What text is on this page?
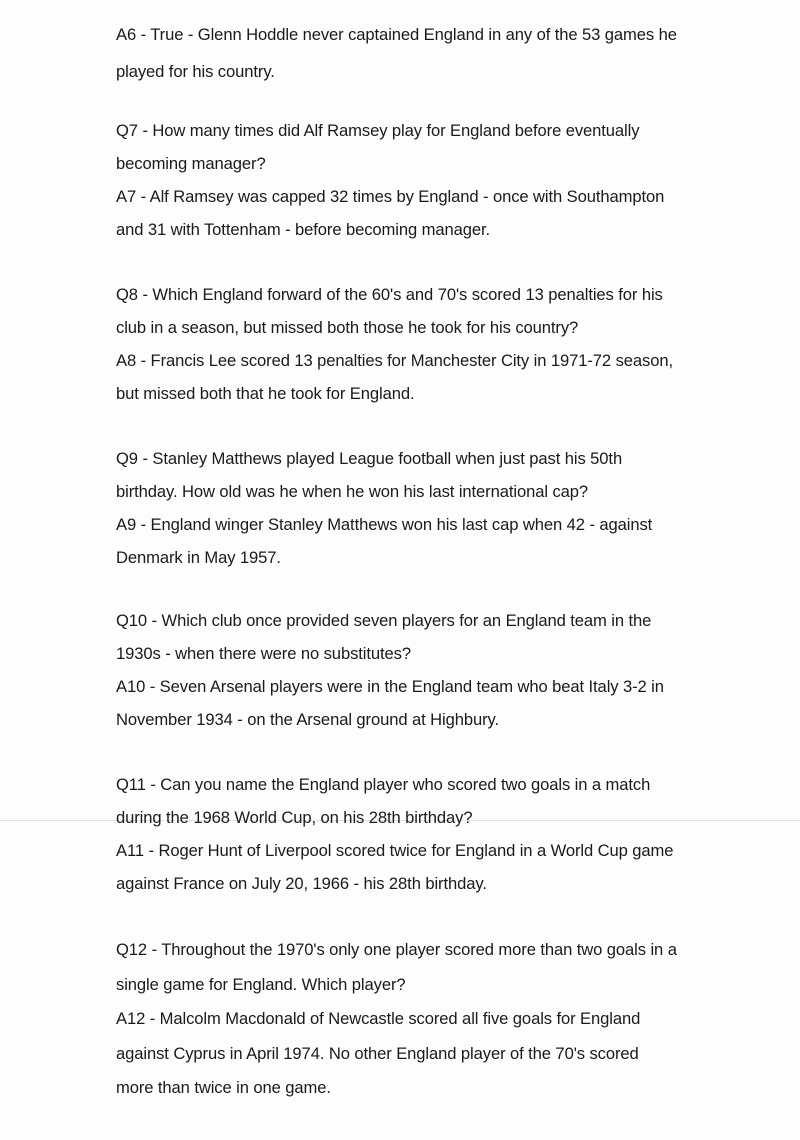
A6 - True - Glenn Hoddle never captained England in any of the 53 games he
played for his country.
Q7 - How many times did Alf Ramsey play for England before eventually
becoming manager?
A7 - Alf Ramsey was capped 32 times by England - once with Southampton
and 31 with Tottenham - before becoming manager.
Q8 - Which England forward of the 60's and 70's scored 13 penalties for his
club in a season, but missed both those he took for his country?
A8 - Francis Lee scored 13 penalties for Manchester City in 1971-72 season,
but missed both that he took for England.
Q9 - Stanley Matthews played League football when just past his 50th
birthday. How old was he when he won his last international cap?
A9 - England winger Stanley Matthews won his last cap when 42 - against
Denmark in May 1957.
Q10 - Which club once provided seven players for an England team in the
1930s - when there were no substitutes?
A10 - Seven Arsenal players were in the England team who beat Italy 3-2 in
November 1934 - on the Arsenal ground at Highbury.
Q11 - Can you name the England player who scored two goals in a match
during the 1968 World Cup, on his 28th birthday?
A11 - Roger Hunt of Liverpool scored twice for England in a World Cup game
against France on July 20, 1966 - his 28th birthday.
Q12 - Throughout the 1970's only one player scored more than two goals in a
single game for England. Which player?
A12 - Malcolm Macdonald of Newcastle scored all five goals for England
against Cyprus in April 1974. No other England player of the 70's scored
more than twice in one game.
